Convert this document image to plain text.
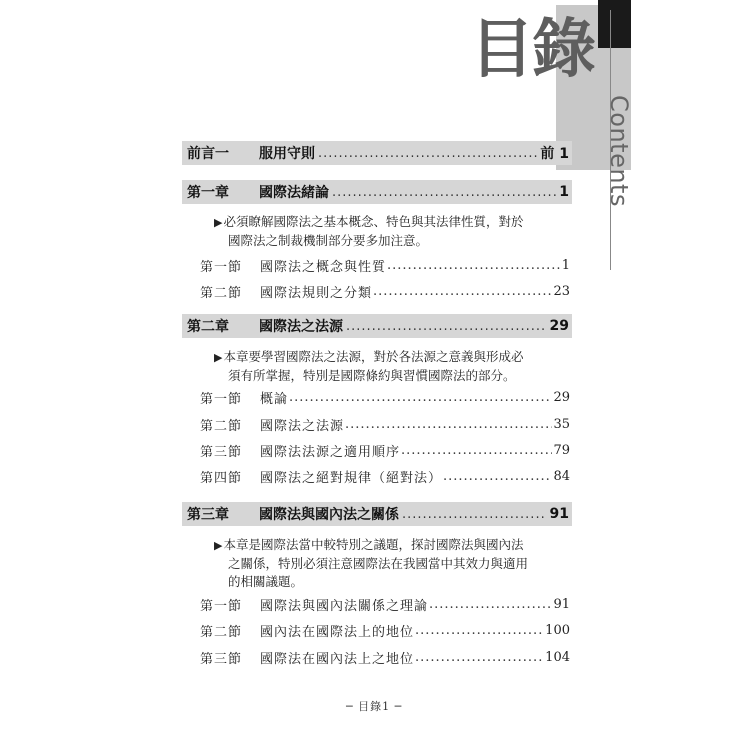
目錄
Contents
前言一	服用守則 .....	前 1
第一章	國際法緒論 .....	1
▶必須瞭解國際法之基本概念、特色與其法律性質，對於
國際法之制裁機制部分要多加注意。
第一節	國際法之概念與性質 .....	1
第二節	國際法規則之分類 .....	23
第二章	國際法之法源 .....	29
▶本章要學習國際法之法源，對於各法源之意義與形成必
須有所掌握，特別是國際條約與習慣國際法的部分。
第一節	概論 .....	29
第二節	國際法之法源 .....	35
第三節	國際法法源之適用順序 .....	79
第四節	國際法之絕對規律（絕對法） .....	84
第三章	國際法與國內法之關係 .....	91
▶本章是國際法當中較特別之議題，探討國際法與國內法
之關係，特別必須注意國際法在我國當中其效力與適用
的相關議題。
第一節	國際法與國內法關係之理論 .....	91
第二節	國內法在國際法上的地位 .....	100
第三節	國際法在國內法上之地位 .....	104
─ 目錄1 ─
